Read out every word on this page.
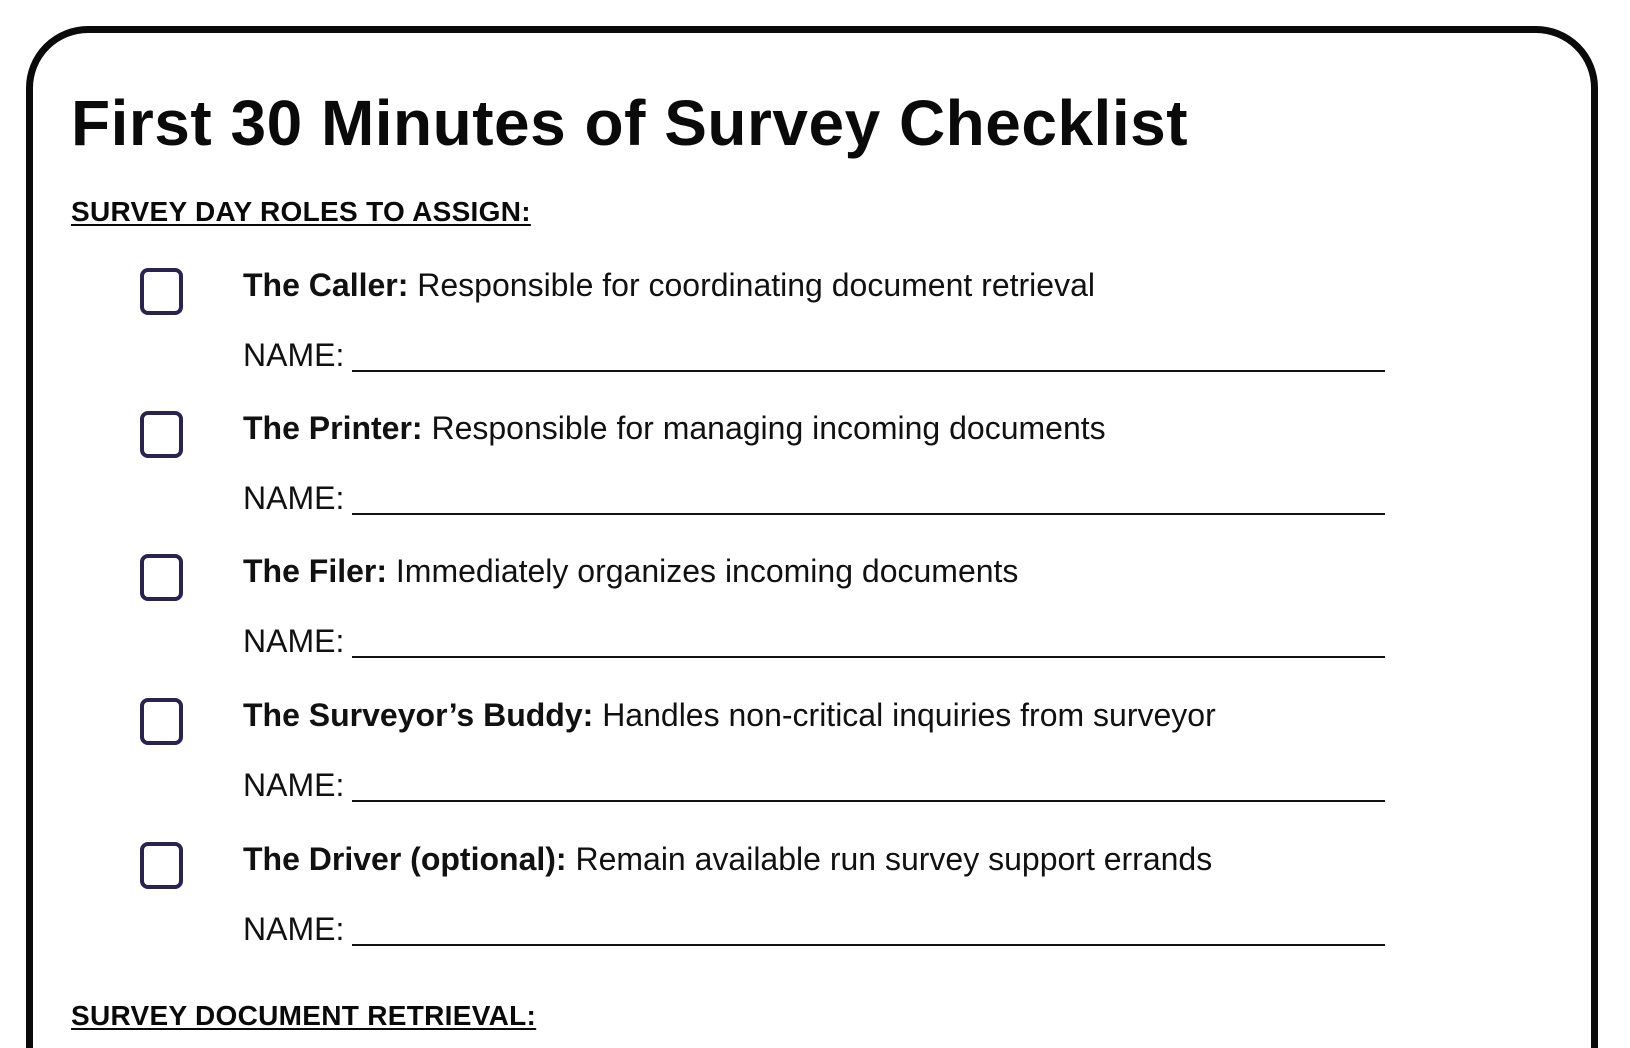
First 30 Minutes of Survey Checklist
SURVEY DAY ROLES TO ASSIGN:
The Caller: Responsible for coordinating document retrieval
NAME:
The Printer: Responsible for managing incoming documents
NAME:
The Filer: Immediately organizes incoming documents
NAME:
The Surveyor’s Buddy: Handles non-critical inquiries from surveyor
NAME:
The Driver (optional): Remain available run survey support errands
NAME:
SURVEY DOCUMENT RETRIEVAL:
